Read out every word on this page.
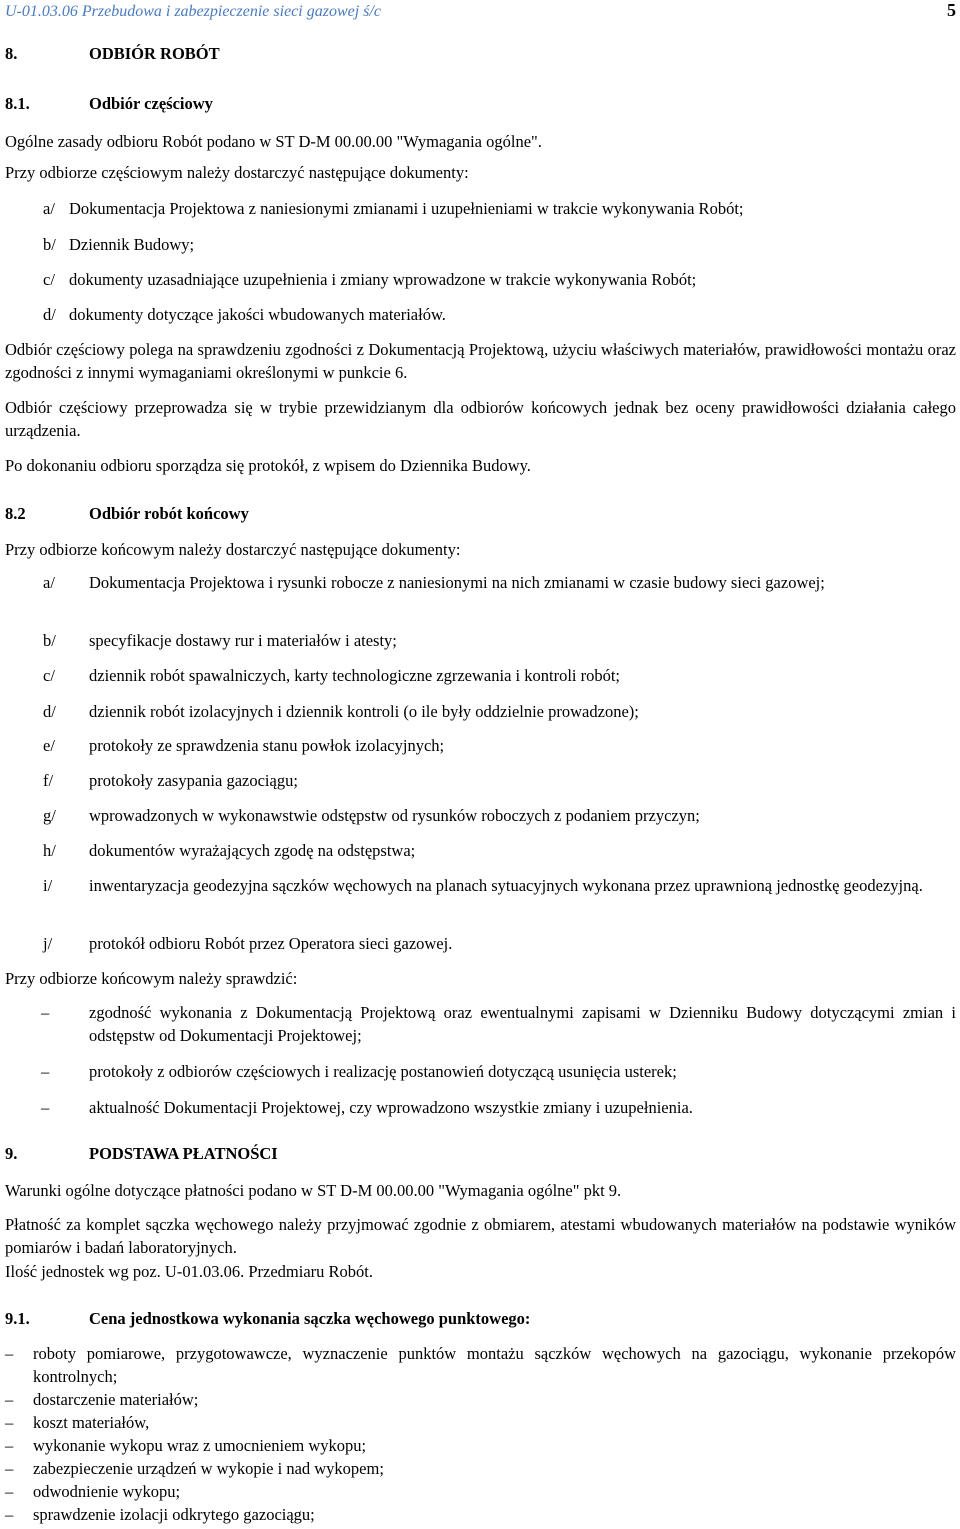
U-01.03.06 Przebudowa i zabezpieczenie sieci gazowej ś/c	5
8.	ODBIÓR ROBÓT
8.1.	Odbiór częściowy
Ogólne zasady odbioru Robót podano w ST D-M 00.00.00 "Wymagania ogólne".
Przy odbiorze częściowym należy dostarczyć następujące dokumenty:
a/ Dokumentacja Projektowa z naniesionymi zmianami i uzupełnieniami w trakcie wykonywania Robót;
b/ Dziennik Budowy;
c/ dokumenty uzasadniające uzupełnienia i zmiany wprowadzone w trakcie wykonywania Robót;
d/ dokumenty dotyczące jakości wbudowanych materiałów.
Odbiór częściowy polega na sprawdzeniu zgodności z Dokumentacją Projektową, użyciu właściwych materiałów, prawidłowości montażu oraz zgodności z innymi wymaganiami określonymi w punkcie 6.
Odbiór częściowy przeprowadza się w trybie przewidzianym dla odbiorów końcowych jednak bez oceny prawidłowości działania całego urządzenia.
Po dokonaniu odbioru sporządza się protokół, z wpisem do Dziennika Budowy.
8.2	Odbiór robót końcowy
Przy odbiorze końcowym należy dostarczyć następujące dokumenty:
a/ Dokumentacja Projektowa i rysunki robocze z naniesionymi na nich zmianami w czasie budowy sieci gazowej;
b/ specyfikacje dostawy rur i materiałów i atesty;
c/ dziennik robót spawalniczych, karty technologiczne zgrzewania i kontroli robót;
d/ dziennik robót izolacyjnych i dziennik kontroli (o ile były oddzielnie prowadzone);
e/ protokoły ze sprawdzenia stanu powłok izolacyjnych;
f/ protokoły zasypania gazociągu;
g/ wprowadzonych w wykonawstwie odstępstw od rysunków roboczych z podaniem przyczyn;
h/ dokumentów wyrażających zgodę na odstępstwa;
i/ inwentaryzacja geodezyjna sączków węchowych na planach sytuacyjnych wykonana przez uprawnioną jednostkę geodezyjną.
j/ protokół odbioru Robót przez Operatora sieci gazowej.
Przy odbiorze końcowym należy sprawdzić:
– zgodność wykonania z Dokumentacją Projektową oraz ewentualnymi zapisami w Dzienniku Budowy dotyczącymi zmian i odstępstw od Dokumentacji Projektowej;
– protokoły z odbiorów częściowych i realizację postanowień dotyczącą usunięcia usterek;
– aktualność Dokumentacji Projektowej, czy wprowadzono wszystkie zmiany i uzupełnienia.
9.	PODSTAWA PŁATNOŚCI
Warunki ogólne dotyczące płatności podano w ST D-M 00.00.00 "Wymagania ogólne" pkt 9.
Płatność za komplet sączka węchowego należy przyjmować zgodnie z obmiarem, atestami wbudowanych materiałów na podstawie wyników pomiarów i badań laboratoryjnych.
Ilość jednostek wg poz. U-01.03.06. Przedmiaru Robót.
9.1.	Cena jednostkowa wykonania sączka węchowego punktowego:
– roboty pomiarowe, przygotowawcze, wyznaczenie punktów montażu sączków węchowych na gazociągu, wykonanie przekopów kontrolnych;
– dostarczenie materiałów;
– koszt materiałów,
– wykonanie wykopu wraz z umocnieniem wykopu;
– zabezpieczenie urządzeń w wykopie i nad wykopem;
– odwodnienie wykopu;
– sprawdzenie izolacji odkrytego gazociągu;
